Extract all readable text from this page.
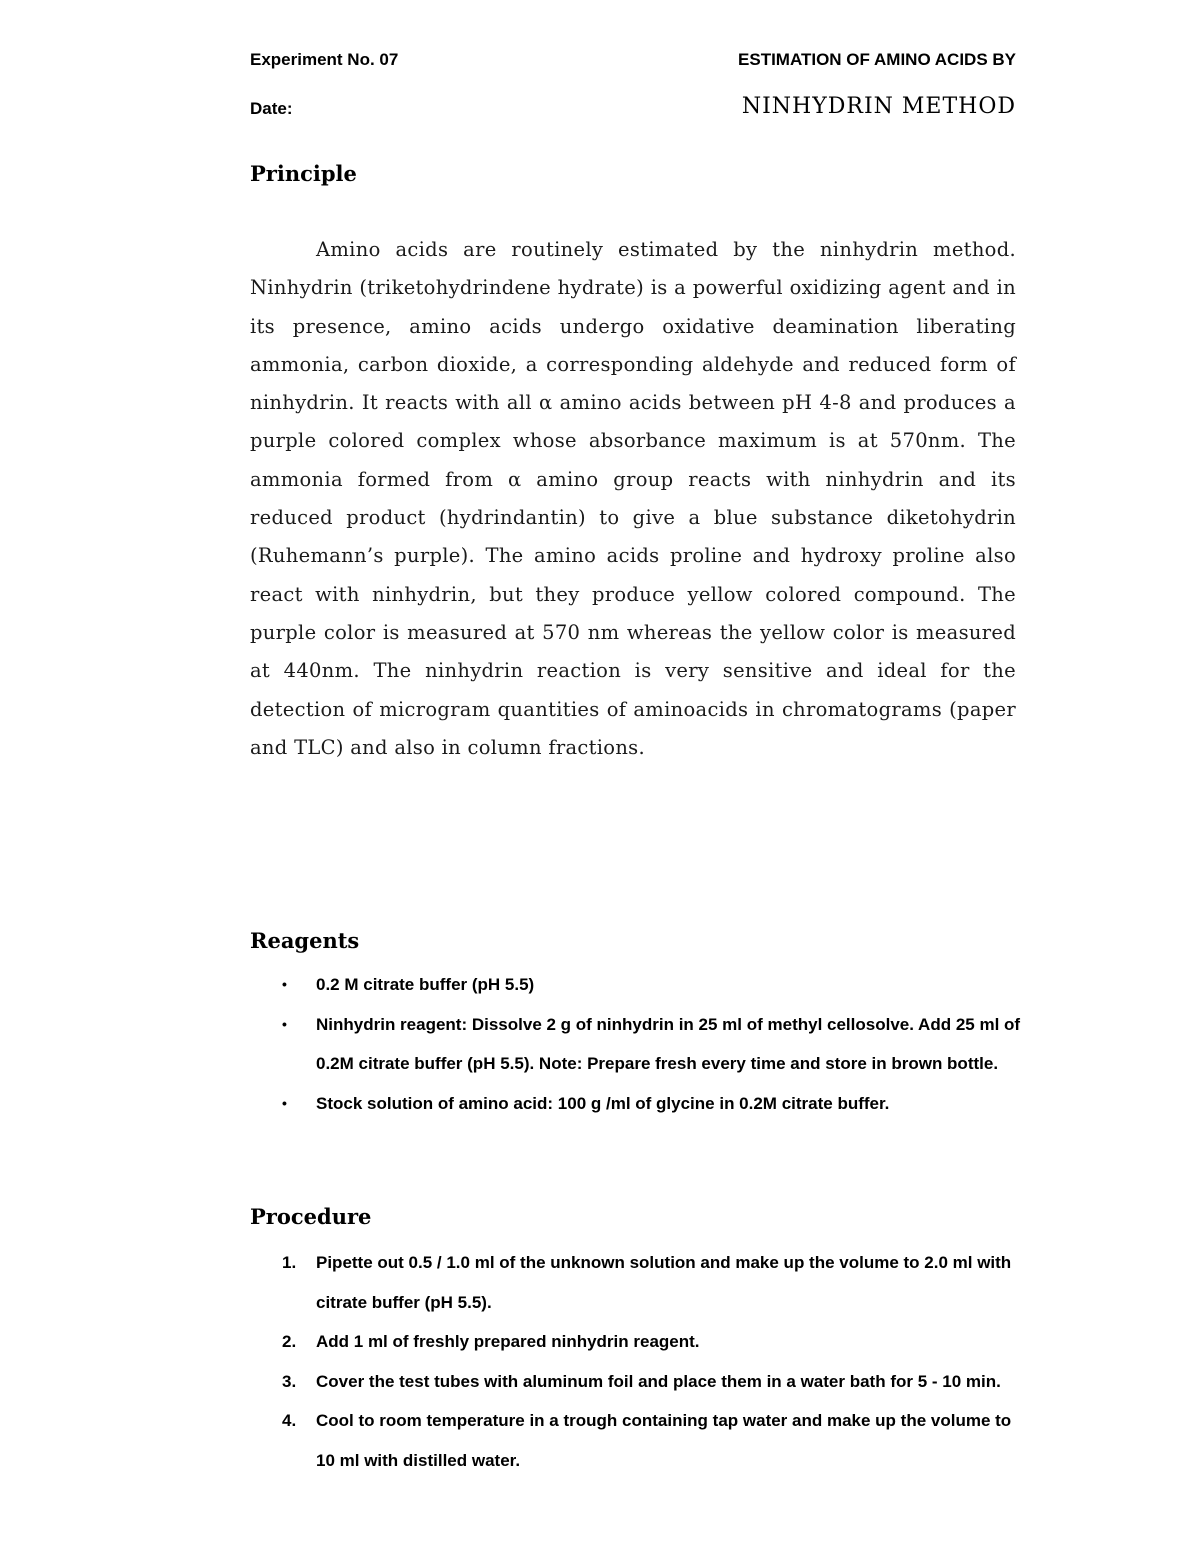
Experiment No. 07
Date:
ESTIMATION OF AMINO ACIDS BY
NINHYDRIN METHOD
Principle

Amino acids are routinely estimated by the ninhydrin method. Ninhydrin (triketohydrindene hydrate) is a powerful oxidizing agent and in its presence, amino acids undergo oxidative deamination liberating ammonia, carbon dioxide, a corresponding aldehyde and reduced form of ninhydrin. It reacts with all α amino acids between pH 4-8 and produces a purple colored complex whose absorbance maximum is at 570nm. The ammonia formed from α amino group reacts with ninhydrin and its reduced product (hydrindantin) to give a blue substance diketohydrin (Ruhemann’s purple). The amino acids proline and hydroxy proline also react with ninhydrin, but they produce yellow colored compound. The purple color is measured at 570 nm whereas the yellow color is measured at 440nm. The ninhydrin reaction is very sensitive and ideal for the detection of microgram quantities of aminoacids in chromatograms (paper and TLC) and also in column fractions.

Reagents
• 0.2 M citrate buffer (pH 5.5)
• Ninhydrin reagent: Dissolve 2 g of ninhydrin in 25 ml of methyl cellosolve. Add 25 ml of 0.2M citrate buffer (pH 5.5). Note: Prepare fresh every time and store in brown bottle.
• Stock solution of amino acid: 100 g /ml of glycine in 0.2M citrate buffer.
Procedure
1. Pipette out 0.5 / 1.0 ml of the unknown solution and make up the volume to 2.0 ml with citrate buffer (pH 5.5).
2. Add 1 ml of freshly prepared ninhydrin reagent.
3. Cover the test tubes with aluminum foil and place them in a water bath for 5 - 10 min.
4. Cool to room temperature in a trough containing tap water and make up the volume to 10 ml with distilled water.
